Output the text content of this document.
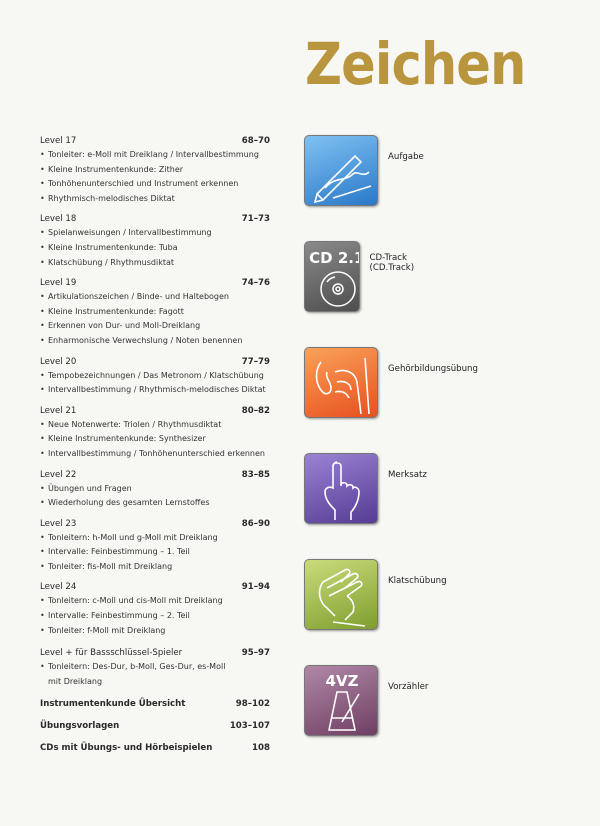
Zeichen
Level 17	68–70
• Tonleiter: e-Moll mit Dreiklang / Intervallbestimmung
• Kleine Instrumentenkunde: Zither
• Tonhöhenunterschied und Instrument erkennen
• Rhythmisch-melodisches Diktat
Level 18	71–73
• Spielanweisungen / Intervallbestimmung
• Kleine Instrumentenkunde: Tuba
• Klatschübung / Rhythmusdiktat
Level 19	74–76
• Artikulationszeichen / Binde- und Haltebogen
• Kleine Instrumentenkunde: Fagott
• Erkennen von Dur- und Moll-Dreiklang
• Enharmonische Verwechslung / Noten benennen
Level 20	77–79
• Tempobezeichnungen / Das Metronom / Klatschübung
• Intervallbestimmung / Rhythmisch-melodisches Diktat
Level 21	80–82
• Neue Notenwerte: Triolen / Rhythmusdiktat
• Kleine Instrumentenkunde: Synthesizer
• Intervallbestimmung / Tonhöhenunterschied erkennen
Level 22	83–85
• Übungen und Fragen
• Wiederholung des gesamten Lernstoffes
Level 23	86–90
• Tonleitern: h-Moll und g-Moll mit Dreiklang
• Intervalle: Feinbestimmung – 1. Teil
• Tonleiter: fis-Moll mit Dreiklang
Level 24	91–94
• Tonleitern: c-Moll und cis-Moll mit Dreiklang
• Intervalle: Feinbestimmung – 2. Teil
• Tonleiter: f-Moll mit Dreiklang
Level + für Bassschlüssel-Spieler	95–97
• Tonleitern: Des-Dur, b-Moll, Ges-Dur, es-Moll
mit Dreiklang
Instrumentenkunde Übersicht	98–102
Übungsvorlagen	103–107
CDs mit Übungs- und Hörbeispielen	108
Aufgabe
CD 2.18
CD-Track (CD.Track)
Gehörbildungsübung
Merksatz
Klatschübung
4VZ	Vorzähler
